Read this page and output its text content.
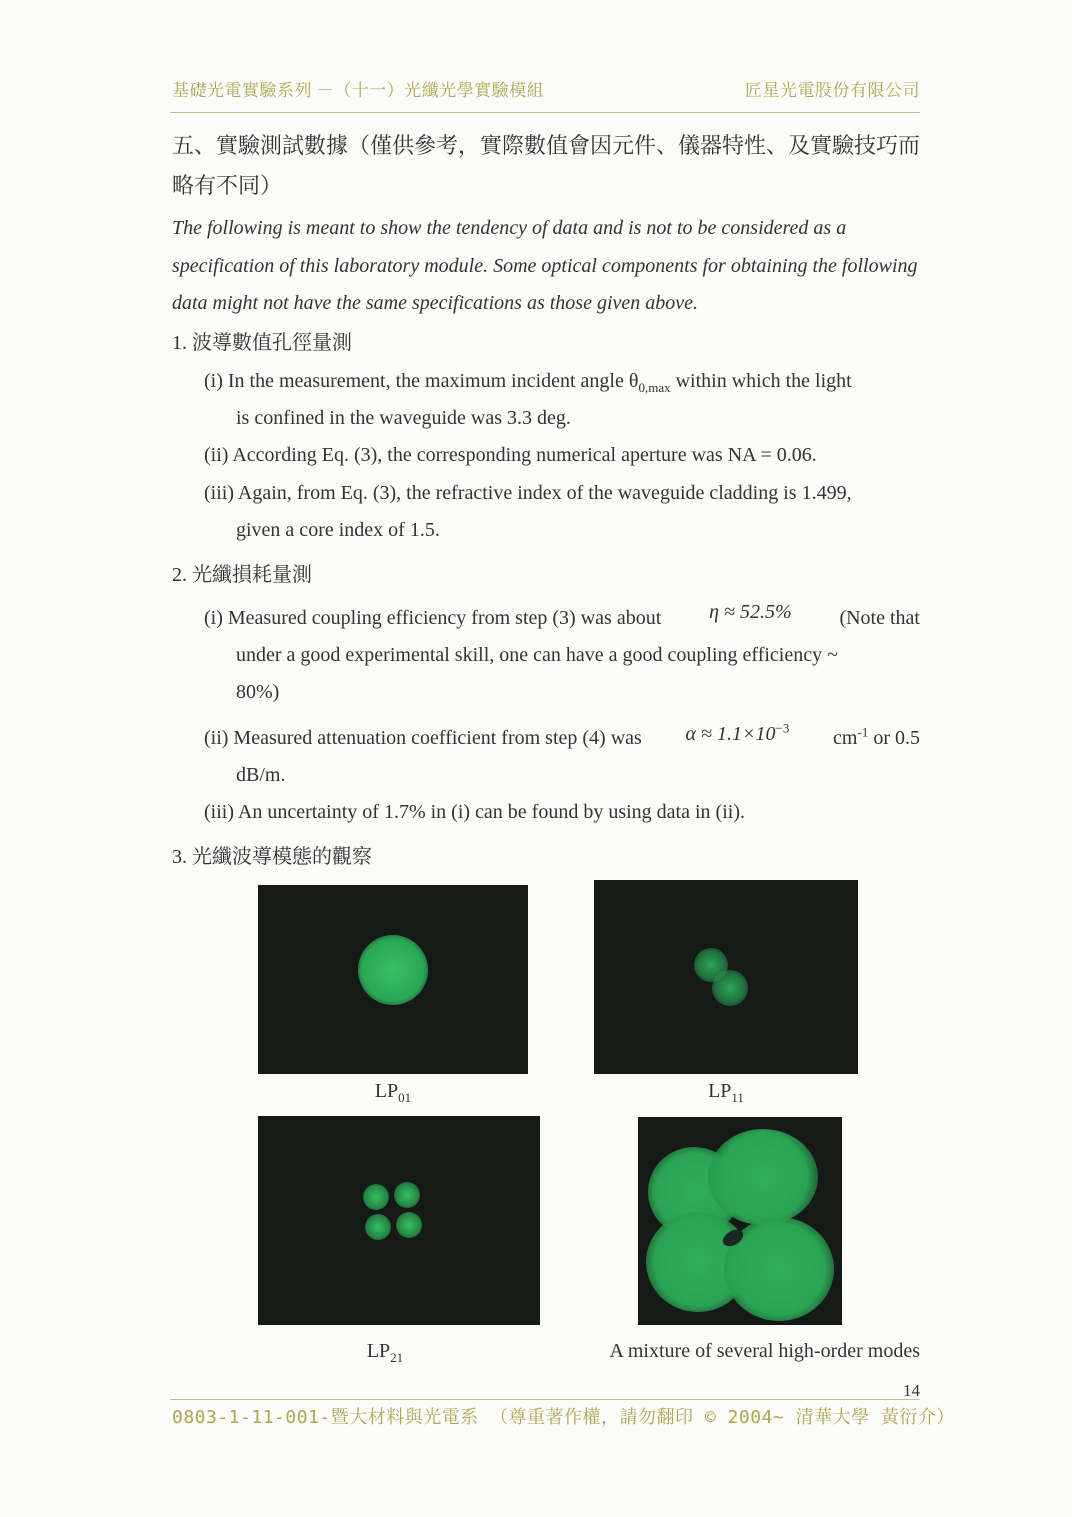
基礎光電實驗系列 －（十一）光纖光學實驗模組	匠星光電股份有限公司
五、實驗測試數據（僅供參考，實際數值會因元件、儀器特性、及實驗技巧而略有不同）
The following is meant to show the tendency of data and is not to be considered as a specification of this laboratory module. Some optical components for obtaining the following data might not have the same specifications as those given above.
1. 波導數值孔徑量測
(i) In the measurement, the maximum incident angle $\theta_{0,max}$ within which the light
is confined in the waveguide was 3.3 deg.
(ii) According Eq. (3), the corresponding numerical aperture was NA = 0.06.
(iii) Again, from Eq. (3), the refractive index of the waveguide cladding is 1.499,
given a core index of 1.5.
2. 光纖損耗量測
(i) Measured coupling efficiency from step (3) was about η ≈ 52.5% (Note that
under a good experimental skill, one can have a good coupling efficiency ~
80%)
(ii) Measured attenuation coefficient from step (4) was $\alpha \approx 1.1\times 10^{-3}$ $cm^{-1}$ or 0.5
dB/m.
(iii) An uncertainty of 1.7% in (i) can be found by using data in (ii).
3. 光纖波導模態的觀察
$LP_{01}$	$LP_{11}$
$LP_{21}$	A mixture of several high-order modes
14
0803-1-11-001-暨大材料與光電系 （尊重著作權，請勿翻印 © 2004~ 清華大學 黃衍介）
